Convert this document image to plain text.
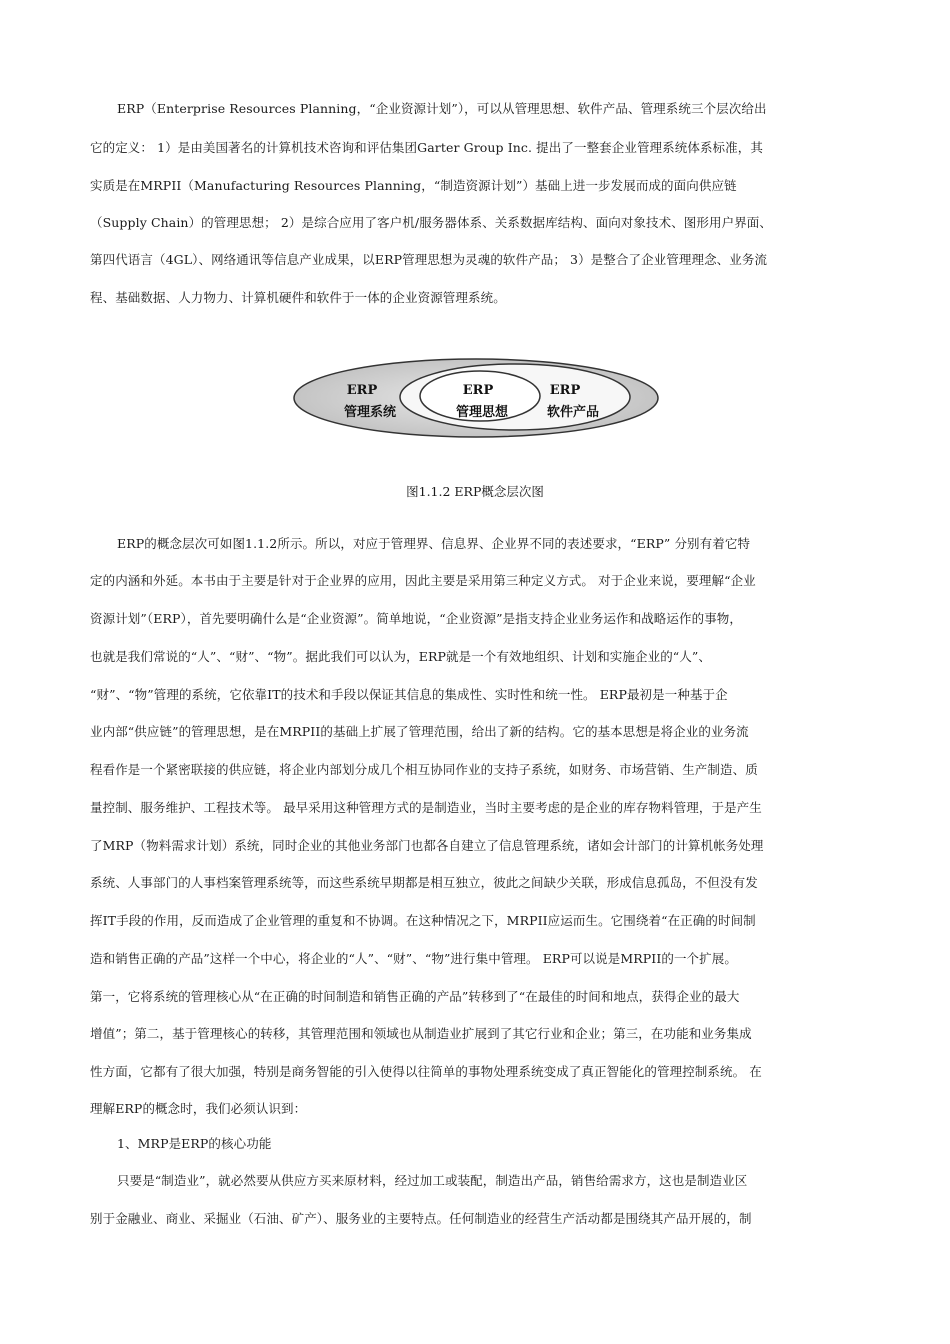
ERP（Enterprise Resources Planning，“企业资源计划”），可以从管理思想、软件产品、管理系统三个层次给出
它的定义： 1）是由美国著名的计算机技术咨询和评估集团Garter Group Inc. 提出了一整套企业管理系统体系标准，其
实质是在MRPII（Manufacturing Resources Planning，“制造资源计划”）基础上进一步发展而成的面向供应链
（Supply Chain）的管理思想； 2）是综合应用了客户机/服务器体系、关系数据库结构、面向对象技术、图形用户界面、
第四代语言（4GL）、网络通讯等信息产业成果，以ERP管理思想为灵魂的软件产品； 3）是整合了企业管理理念、业务流
程、基础数据、人力物力、计算机硬件和软件于一体的企业资源管理系统。
ERP
管理系统
ERP
管理思想
ERP
软件产品
图1.1.2 ERP概念层次图
ERP的概念层次可如图1.1.2所示。所以，对应于管理界、信息界、企业界不同的表述要求，“ERP” 分别有着它特
定的内涵和外延。本书由于主要是针对于企业界的应用，因此主要是采用第三种定义方式。 对于企业来说，要理解“企业
资源计划”（ERP），首先要明确什么是“企业资源”。简单地说，“企业资源”是指支持企业业务运作和战略运作的事物，
也就是我们常说的“人”、“财”、“物”。据此我们可以认为，ERP就是一个有效地组织、计划和实施企业的“人”、
“财”、“物”管理的系统，它依靠IT的技术和手段以保证其信息的集成性、实时性和统一性。 ERP最初是一种基于企
业内部“供应链”的管理思想，是在MRPII的基础上扩展了管理范围，给出了新的结构。它的基本思想是将企业的业务流
程看作是一个紧密联接的供应链，将企业内部划分成几个相互协同作业的支持子系统，如财务、市场营销、生产制造、质
量控制、服务维护、工程技术等。 最早采用这种管理方式的是制造业，当时主要考虑的是企业的库存物料管理，于是产生
了MRP（物料需求计划）系统，同时企业的其他业务部门也都各自建立了信息管理系统，诸如会计部门的计算机帐务处理
系统、人事部门的人事档案管理系统等，而这些系统早期都是相互独立，彼此之间缺少关联，形成信息孤岛，不但没有发
挥IT手段的作用，反而造成了企业管理的重复和不协调。在这种情况之下，MRPII应运而生。它围绕着“在正确的时间制
造和销售正确的产品”这样一个中心，将企业的“人”、“财”、“物”进行集中管理。 ERP可以说是MRPII的一个扩展。
第一，它将系统的管理核心从“在正确的时间制造和销售正确的产品”转移到了“在最佳的时间和地点，获得企业的最大
增值”；第二，基于管理核心的转移，其管理范围和领域也从制造业扩展到了其它行业和企业；第三，在功能和业务集成
性方面，它都有了很大加强，特别是商务智能的引入使得以往简单的事物处理系统变成了真正智能化的管理控制系统。 在
理解ERP的概念时，我们必须认识到：
1、MRP是ERP的核心功能
只要是“制造业”，就必然要从供应方买来原材料，经过加工或装配，制造出产品，销售给需求方，这也是制造业区
别于金融业、商业、采掘业（石油、矿产）、服务业的主要特点。任何制造业的经营生产活动都是围绕其产品开展的，制
